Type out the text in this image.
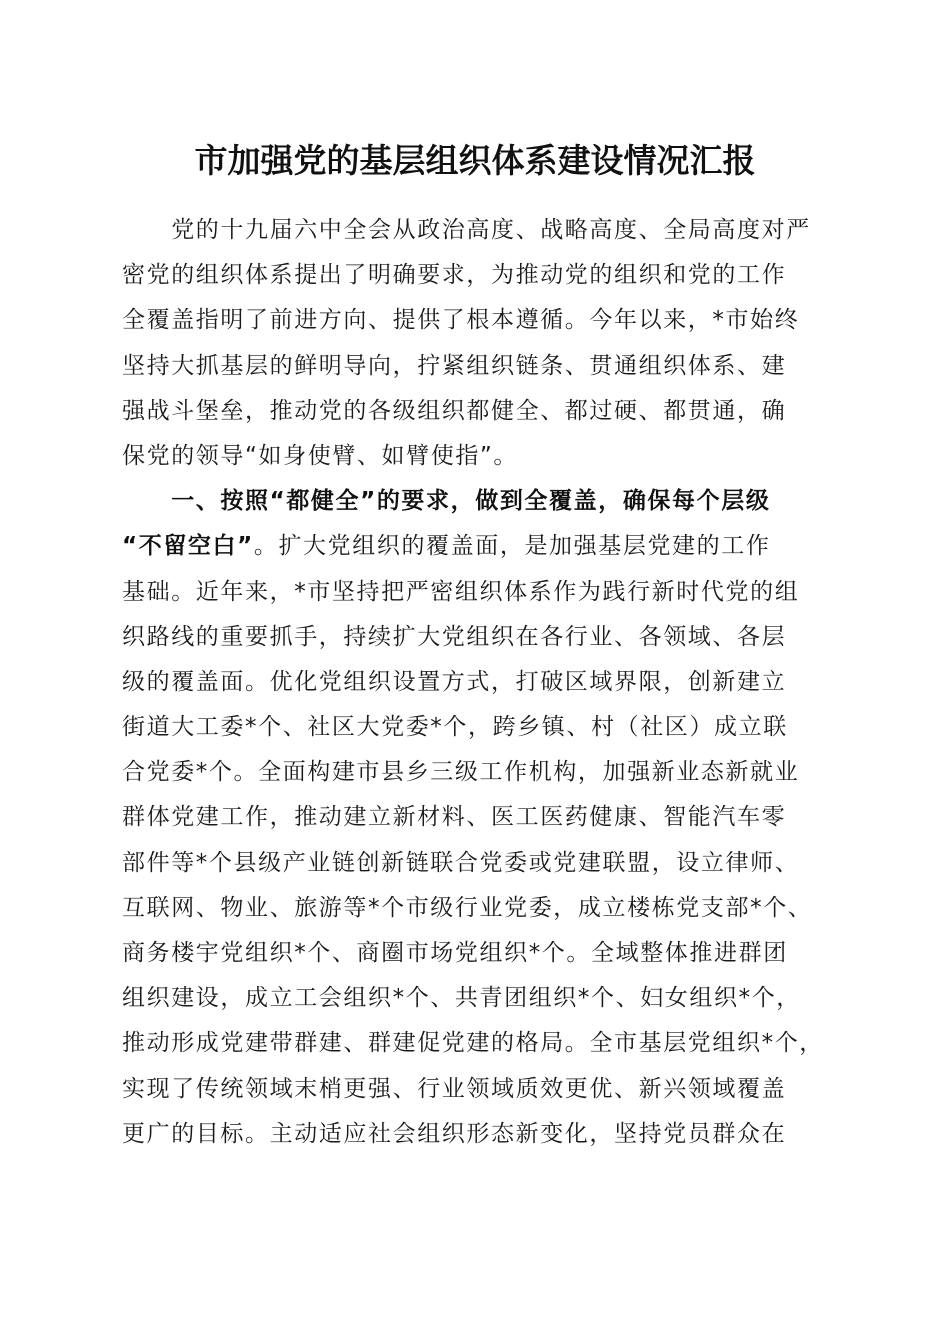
市加强党的基层组织体系建设情况汇报
　　党的十九届六中全会从政治高度、战略高度、全局高度对严
密党的组织体系提出了明确要求，为推动党的组织和党的工作
全覆盖指明了前进方向、提供了根本遵循。今年以来，*市始终
坚持大抓基层的鲜明导向，拧紧组织链条、贯通组织体系、建
强战斗堡垒，推动党的各级组织都健全、都过硬、都贯通，确
保党的领导“如身使臂、如臂使指”。
　　一、按照“都健全”的要求，做到全覆盖，确保每个层级
“不留空白”。扩大党组织的覆盖面，是加强基层党建的工作
基础。近年来，*市坚持把严密组织体系作为践行新时代党的组
织路线的重要抓手，持续扩大党组织在各行业、各领域、各层
级的覆盖面。优化党组织设置方式，打破区域界限，创新建立
街道大工委*个、社区大党委*个，跨乡镇、村（社区）成立联
合党委*个。全面构建市县乡三级工作机构，加强新业态新就业
群体党建工作，推动建立新材料、医工医药健康、智能汽车零
部件等*个县级产业链创新链联合党委或党建联盟，设立律师、
互联网、物业、旅游等*个市级行业党委，成立楼栋党支部*个、
商务楼宇党组织*个、商圈市场党组织*个。全域整体推进群团
组织建设，成立工会组织*个、共青团组织*个、妇女组织*个，
推动形成党建带群建、群建促党建的格局。全市基层党组织*个，
实现了传统领域末梢更强、行业领域质效更优、新兴领域覆盖
更广的目标。主动适应社会组织形态新变化，坚持党员群众在
